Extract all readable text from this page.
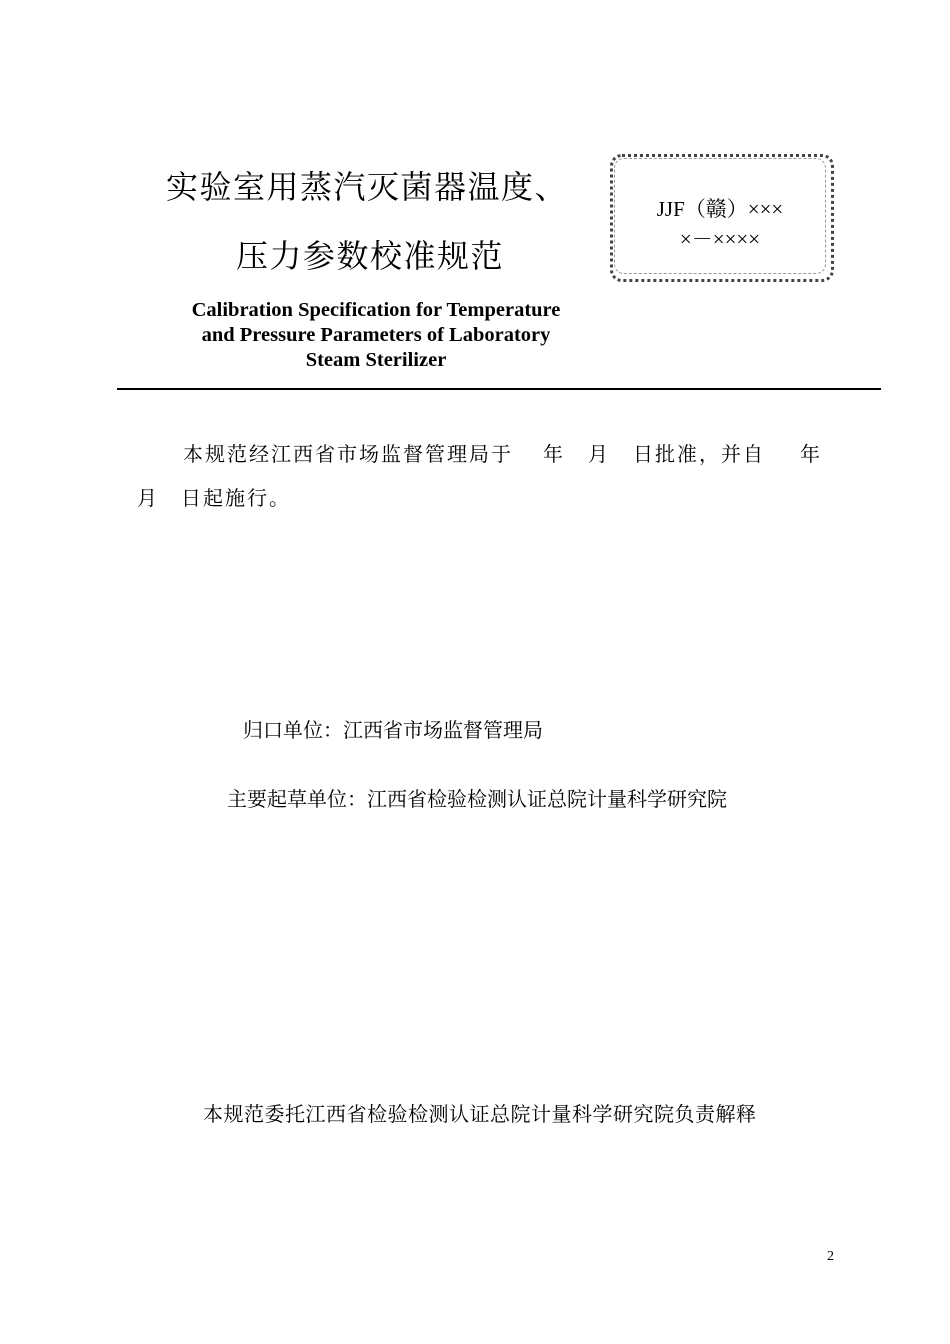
实验室用蒸汽灭菌器温度、
压力参数校准规范
JJF（赣）×××
×－××××
Calibration Specification for Temperature
and Pressure Parameters of Laboratory
Steam Sterilizer
本规范经江西省市场监督管理局于 年 月 日批准，并自 年
月 日起施行。
归口单位：江西省市场监督管理局
主要起草单位：江西省检验检测认证总院计量科学研究院
本规范委托江西省检验检测认证总院计量科学研究院负责解释
2
